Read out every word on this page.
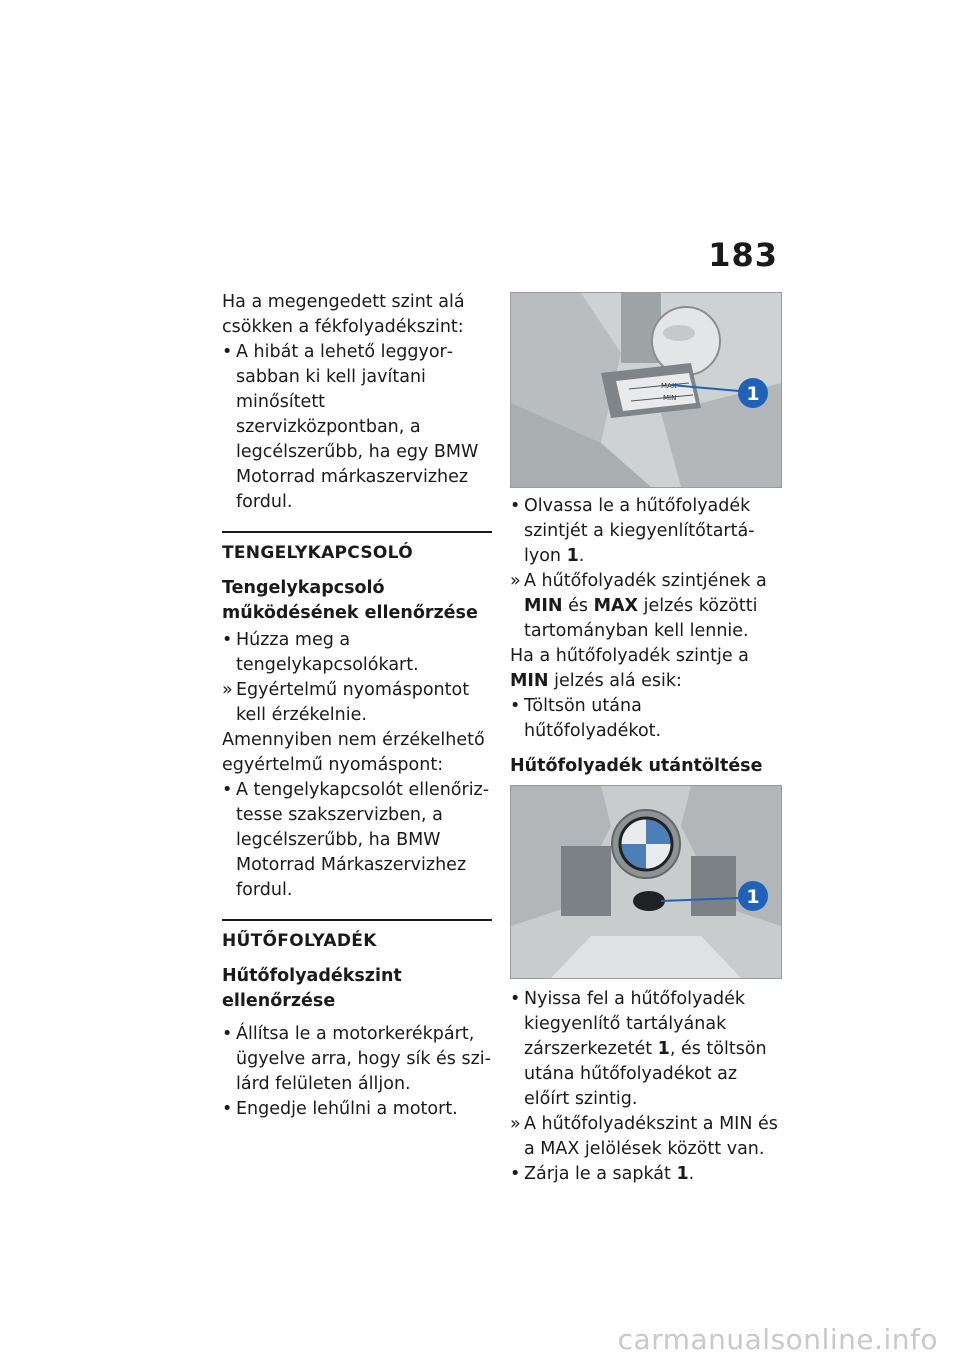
183

Ha a megengedett szint alá csökken a fékfolyadékszint:

• A hibát a lehető leggyorsabban ki kell javítani minősített szervizközpontban, a legcélszerűbb, ha egy BMW Motorrad márkaszervizhez fordul.

TENGELYKAPCSOLÓ

Tengelykapcsoló működésének ellenőrzése

• Húzza meg a tengelykapcsolókart.

» Egyértelmű nyomáspontot kell érzékelnie.

Amennyiben nem érzékelhető egyértelmű nyomáspont:

• A tengelykapcsolót ellenőriztesse szakszervizben, a legcélszerűbb, ha BMW Motorrad Márkaszervizhez fordul.

HŰTŐFOLYADÉK

Hűtőfolyadékszint ellenőrzése

• Állítsa le a motorkerékpárt, ügyelve arra, hogy sík és szilárd felületen álljon.

• Engedje lehűlni a motort.

MAX
MIN	1

• Olvassa le a hűtőfolyadék szintjét a kiegyenlítőtartályon 1.

» A hűtőfolyadék szintjének a MIN és MAX jelzés közötti tartományban kell lennie.

Ha a hűtőfolyadék szintje a MIN jelzés alá esik:

• Töltsön utána hűtőfolyadékot.

Hűtőfolyadék utántöltése

1

• Nyissa fel a hűtőfolyadék kiegyenlítő tartályának zárszerkezetét 1, és töltsön utána hűtőfolyadékot az előírt szintig.

» A hűtőfolyadékszint a MIN és a MAX jelölések között van.

• Zárja le a sapkát 1.

carmanualsonline.info
